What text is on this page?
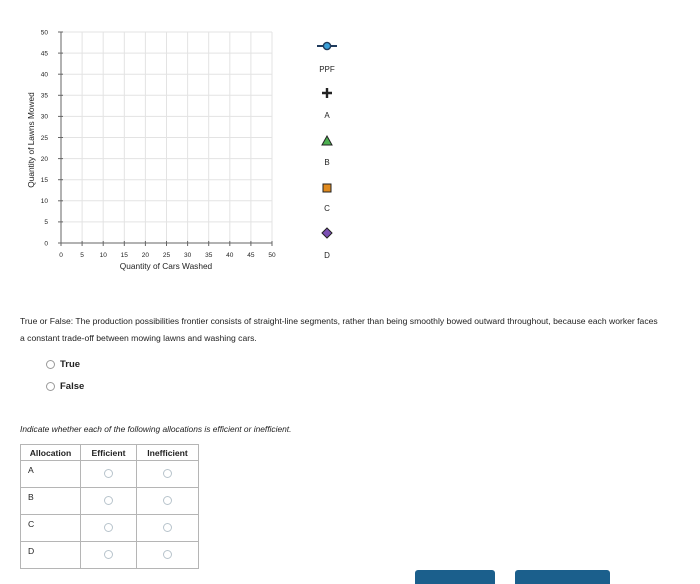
0	5 10 15 20 25 30 35 40 45 50
0
5
10
15
20
25
30
35
40
45
50
Quantity of Cars Washed
Quantity of Lawns Mowed
PPF
A
B
C
D
True or False: The production possibilities frontier consists of straight-line segments, rather than being smoothly bowed outward throughout, because each worker faces a constant trade-off between mowing lawns and washing cars.
True
False
Indicate whether each of the following allocations is efficient or inefficient.
Allocation	Efficient	Inefficient
A		
B		
C		
D		
